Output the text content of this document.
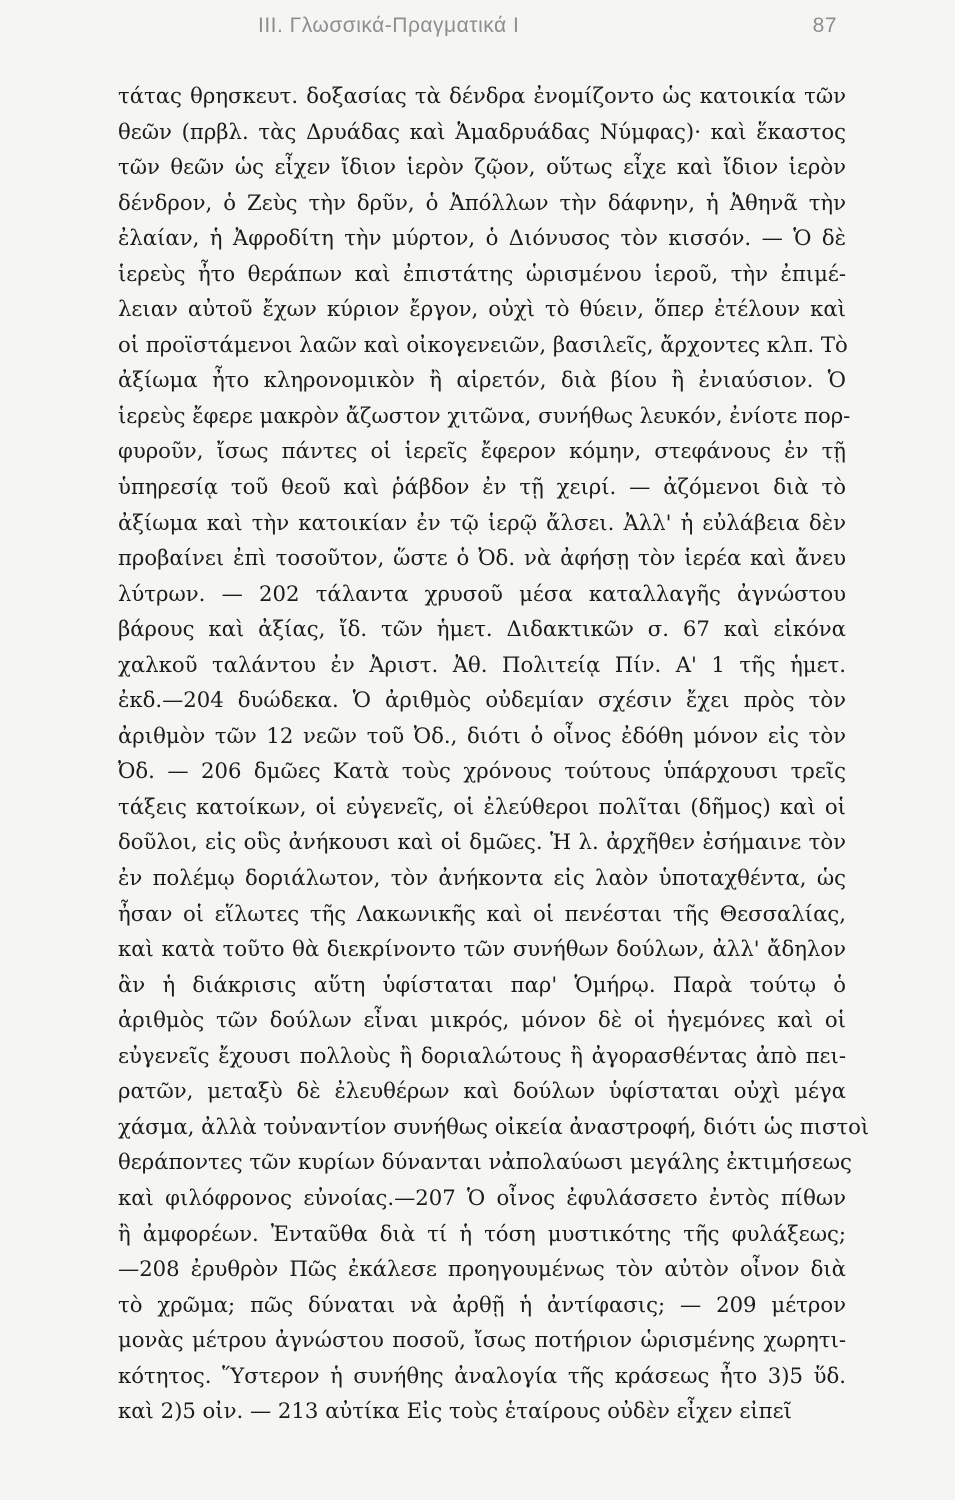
III. Γλωσσικά-Πραγματικά I	87
τάτας θρησκευτ. δοξασίας τὰ δένδρα ἐνομίζοντο ὡς κατοικία τῶν
θεῶν (πρβλ. τὰς Δρυάδας καὶ Ἁμαδρυάδας Νύμφας)· καὶ ἕκαστος
τῶν θεῶν ὡς εἶχεν ἴδιον ἱερὸν ζῷον, οὕτως εἶχε καὶ ἴδιον ἱερὸν
δένδρον, ὁ Ζεὺς τὴν δρῦν, ὁ Ἀπόλλων τὴν δάφνην, ἡ Ἀθηνᾶ τὴν
ἐλαίαν, ἡ Ἀφροδίτη τὴν μύρτον, ὁ Διόνυσος τὸν κισσόν. — Ὁ δὲ
ἱερεὺς ἦτο θεράπων καὶ ἐπιστάτης ὡρισμένου ἱεροῦ, τὴν ἐπιμέ-
λειαν αὐτοῦ ἔχων κύριον ἔργον, οὐχὶ τὸ θύειν, ὅπερ ἐτέλουν καὶ
οἱ προϊστάμενοι λαῶν καὶ οἰκογενειῶν, βασιλεῖς, ἄρχοντες κλπ. Τὸ
ἀξίωμα ἦτο κληρονομικὸν ἢ αἱρετόν, διὰ βίου ἢ ἐνιαύσιον. Ὁ
ἱερεὺς ἔφερε μακρὸν ἄζωστον χιτῶνα, συνήθως λευκόν, ἐνίοτε πορ-
φυροῦν, ἴσως πάντες οἱ ἱερεῖς ἔφερον κόμην, στεφάνους ἐν τῇ
ὑπηρεσίᾳ τοῦ θεοῦ καὶ ῥάβδον ἐν τῇ χειρί. — ἀζόμενοι διὰ τὸ
ἀξίωμα καὶ τὴν κατοικίαν ἐν τῷ ἱερῷ ἄλσει. Ἀλλ' ἡ εὐλάβεια δὲν
προβαίνει ἐπὶ τοσοῦτον, ὥστε ὁ Ὀδ. νὰ ἀφήσῃ τὸν ἱερέα καὶ ἄνευ
λύτρων. — 202 τάλαντα χρυσοῦ μέσα καταλλαγῆς ἀγνώστου
βάρους καὶ ἀξίας, ἴδ. τῶν ἡμετ. Διδακτικῶν σ. 67 καὶ εἰκόνα
χαλκοῦ ταλάντου ἐν Ἀριστ. Ἀθ. Πολιτείᾳ Πίν. Α' 1 τῆς ἡμετ.
ἐκδ.—204 δυώδεκα. Ὁ ἀριθμὸς οὐδεμίαν σχέσιν ἔχει πρὸς τὸν
ἀριθμὸν τῶν 12 νεῶν τοῦ Ὀδ., διότι ὁ οἶνος ἐδόθη μόνον εἰς τὸν
Ὀδ. — 206 δμῶες Κατὰ τοὺς χρόνους τούτους ὑπάρχουσι τρεῖς
τάξεις κατοίκων, οἱ εὐγενεῖς, οἱ ἐλεύθεροι πολῖται (δῆμος) καὶ οἱ
δοῦλοι, εἰς οὓς ἀνήκουσι καὶ οἱ δμῶες. Ἡ λ. ἀρχῆθεν ἐσήμαινε τὸν
ἐν πολέμῳ δοριάλωτον, τὸν ἀνήκοντα εἰς λαὸν ὑποταχθέντα, ὡς
ἦσαν οἱ εἵλωτες τῆς Λακωνικῆς καὶ οἱ πενέσται τῆς Θεσσαλίας,
καὶ κατὰ τοῦτο θὰ διεκρίνοντο τῶν συνήθων δούλων, ἀλλ' ἄδηλον
ἂν ἡ διάκρισις αὕτη ὑφίσταται παρ' Ὁμήρῳ. Παρὰ τούτῳ ὁ
ἀριθμὸς τῶν δούλων εἶναι μικρός, μόνον δὲ οἱ ἡγεμόνες καὶ οἱ
εὐγενεῖς ἔχουσι πολλοὺς ἢ δοριαλώτους ἢ ἀγορασθέντας ἀπὸ πει-
ρατῶν, μεταξὺ δὲ ἐλευθέρων καὶ δούλων ὑφίσταται οὐχὶ μέγα
χάσμα, ἀλλὰ τοὐναντίον συνήθως οἰκεία ἀναστροφή, διότι ὡς πιστοὶ
θεράποντες τῶν κυρίων δύνανται νἀπολαύωσι μεγάλης ἐκτιμήσεως
καὶ φιλόφρονος εὐνοίας.—207 Ὁ οἶνος ἐφυλάσσετο ἐντὸς πίθων
ἢ ἀμφορέων. Ἐνταῦθα διὰ τί ἡ τόση μυστικότης τῆς φυλάξεως;
—208 ἐρυθρὸν Πῶς ἐκάλεσε προηγουμένως τὸν αὐτὸν οἶνον διὰ
τὸ χρῶμα; πῶς δύναται νὰ ἀρθῇ ἡ ἀντίφασις; — 209 μέτρον
μονὰς μέτρου ἀγνώστου ποσοῦ, ἴσως ποτήριον ὡρισμένης χωρητι-
κότητος. Ὕστερον ἡ συνήθης ἀναλογία τῆς κράσεως ἦτο 3)5 ὕδ.
καὶ 2)5 οἰν. — 213 αὐτίκα Εἰς τοὺς ἑταίρους οὐδὲν εἶχεν εἰπεῖ
